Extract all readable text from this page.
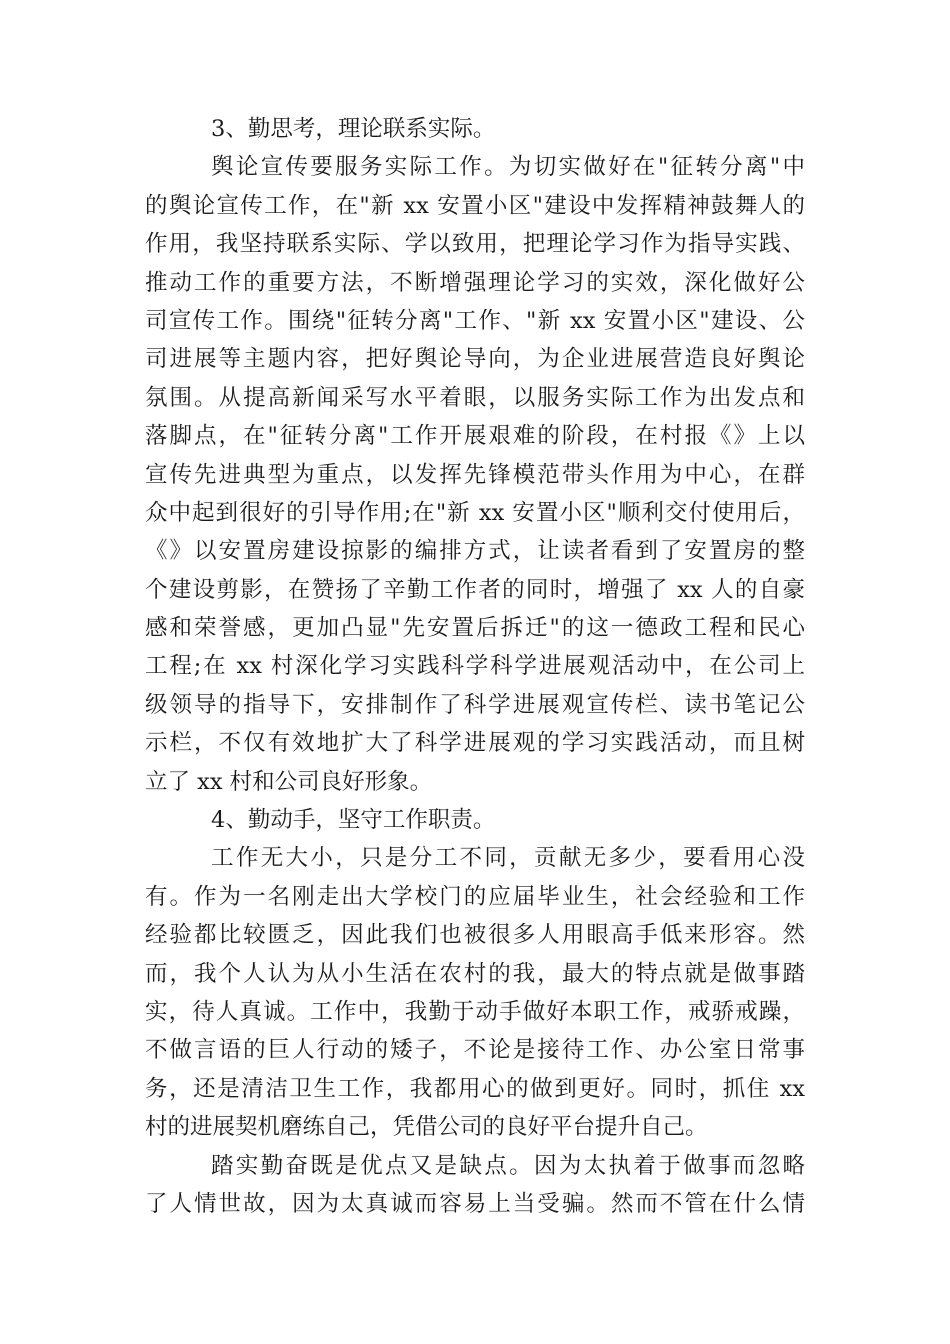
3、勤思考，理论联系实际。
舆论宣传要服务实际工作。为切实做好在"征转分离"中
的舆论宣传工作，在"新 xx 安置小区"建设中发挥精神鼓舞人的
作用，我坚持联系实际、学以致用，把理论学习作为指导实践、
推动工作的重要方法，不断增强理论学习的实效，深化做好公
司宣传工作。围绕"征转分离"工作、"新 xx 安置小区"建设、公
司进展等主题内容，把好舆论导向，为企业进展营造良好舆论
氛围。从提高新闻采写水平着眼，以服务实际工作为出发点和
落脚点，在"征转分离"工作开展艰难的阶段，在村报《》上以
宣传先进典型为重点，以发挥先锋模范带头作用为中心，在群
众中起到很好的引导作用;在"新 xx 安置小区"顺利交付使用后，
《》以安置房建设掠影的编排方式，让读者看到了安置房的整
个建设剪影，在赞扬了辛勤工作者的同时，增强了 xx 人的自豪
感和荣誉感，更加凸显"先安置后拆迁"的这一德政工程和民心
工程;在 xx 村深化学习实践科学科学进展观活动中，在公司上
级领导的指导下，安排制作了科学进展观宣传栏、读书笔记公
示栏，不仅有效地扩大了科学进展观的学习实践活动，而且树
立了 xx 村和公司良好形象。
4、勤动手，坚守工作职责。
工作无大小，只是分工不同，贡献无多少，要看用心没
有。作为一名刚走出大学校门的应届毕业生，社会经验和工作
经验都比较匮乏，因此我们也被很多人用眼高手低来形容。然
而，我个人认为从小生活在农村的我，最大的特点就是做事踏
实，待人真诚。工作中，我勤于动手做好本职工作，戒骄戒躁，
不做言语的巨人行动的矮子，不论是接待工作、办公室日常事
务，还是清洁卫生工作，我都用心的做到更好。同时，抓住 xx
村的进展契机磨练自己，凭借公司的良好平台提升自己。
踏实勤奋既是优点又是缺点。因为太执着于做事而忽略
了人情世故，因为太真诚而容易上当受骗。然而不管在什么情
